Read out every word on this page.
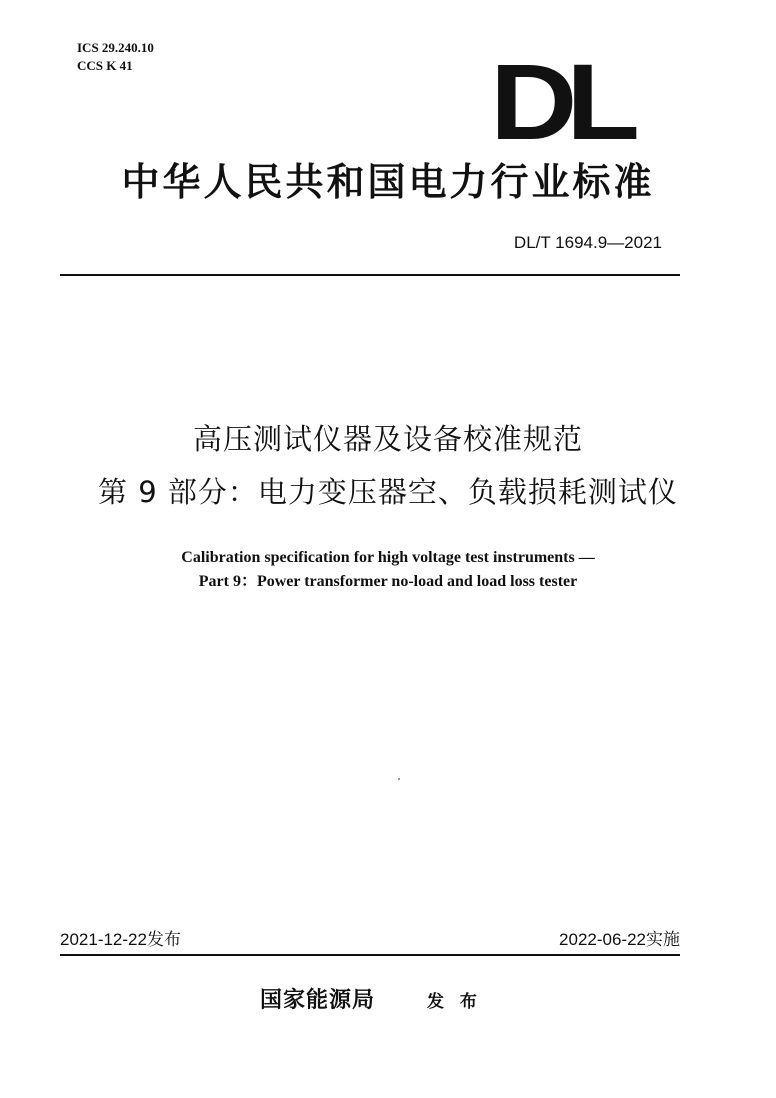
ICS 29.240.10
CCS K 41	DL
中华人民共和国电力行业标准
DL/T 1694.9—2021
高压测试仪器及设备校准规范
第 9 部分：电力变压器空、负载损耗测试仪
Calibration specification for high voltage test instruments —
Part 9：Power transformer no-load and load loss tester
2021-12-22发布	2022-06-22实施
国家能源局	发 布
